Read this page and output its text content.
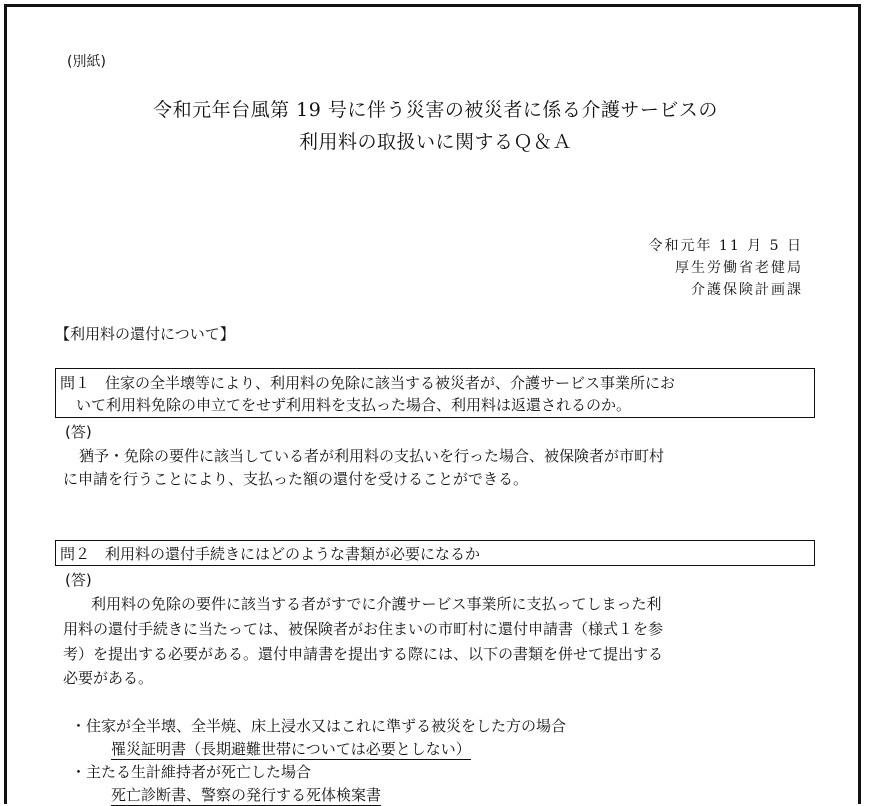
(別紙)
令和元年台風第 19 号に伴う災害の被災者に係る介護サービスの
利用料の取扱いに関するＱ＆Ａ
令和元年 11 月 5 日
厚生労働省老健局
介護保険計画課
【利用料の還付について】
問１　住家の全半壊等により、利用料の免除に該当する被災者が、介護サービス事業所にお
いて利用料免除の申立てをせず利用料を支払った場合、利用料は返還されるのか。
(答)
猶予・免除の要件に該当している者が利用料の支払いを行った場合、被保険者が市町村
に申請を行うことにより、支払った額の還付を受けることができる。
問２　利用料の還付手続きにはどのような書類が必要になるか
(答)
利用料の免除の要件に該当する者がすでに介護サービス事業所に支払ってしまった利
用料の還付手続きに当たっては、被保険者がお住まいの市町村に還付申請書（様式１を参
考）を提出する必要がある。還付申請書を提出する際には、以下の書類を併せて提出する
必要がある。
・住家が全半壊、全半焼、床上浸水又はこれに準ずる被災をした方の場合
罹災証明書（長期避難世帯については必要としない）
・主たる生計維持者が死亡した場合
死亡診断書、警察の発行する死体検案書
